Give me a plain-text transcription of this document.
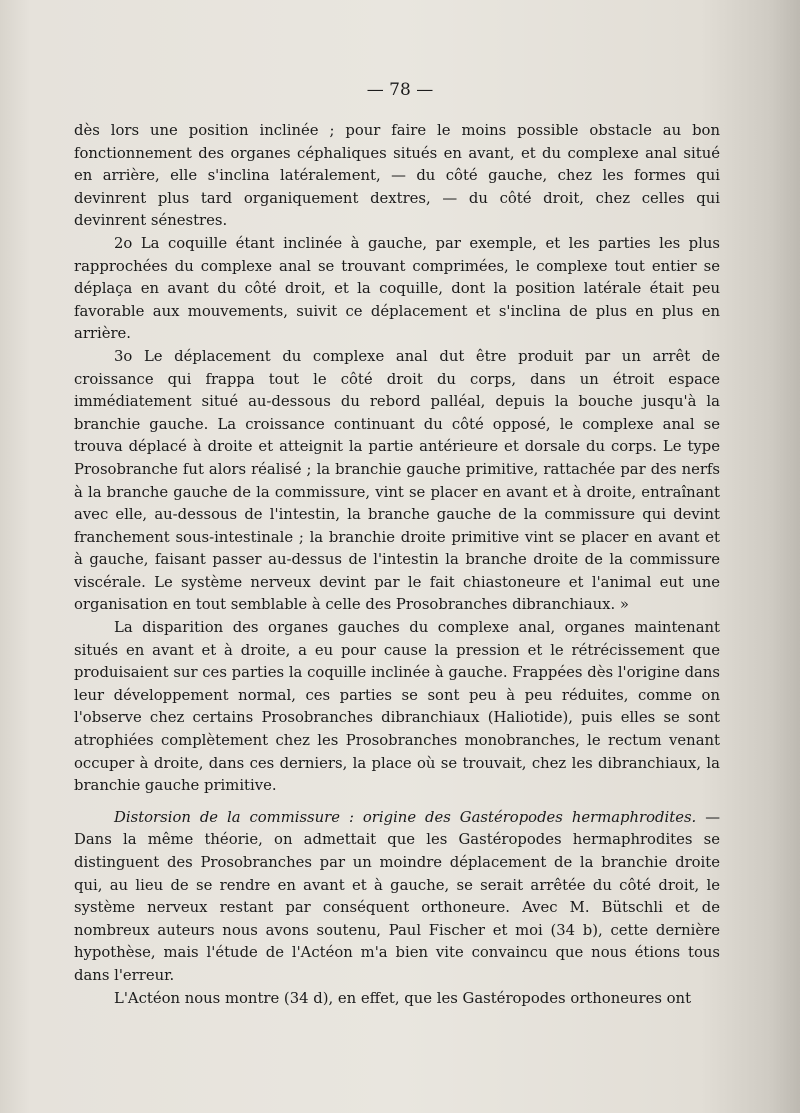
— 78 —

dès lors une position inclinée ; pour faire le moins possible obstacle au bon fonctionnement des organes céphaliques situés en avant, et du complexe anal situé en arrière, elle s'inclina latéralement, — du côté gauche, chez les formes qui devinrent plus tard organiquement dextres, — du côté droit, chez celles qui devinrent sénestres.

2o La coquille étant inclinée à gauche, par exemple, et les parties les plus rapprochées du complexe anal se trouvant comprimées, le complexe tout entier se déplaça en avant du côté droit, et la coquille, dont la position latérale était peu favorable aux mouvements, suivit ce déplacement et s'inclina de plus en plus en arrière.

3o Le déplacement du complexe anal dut être produit par un arrêt de croissance qui frappa tout le côté droit du corps, dans un étroit espace immédiatement situé au-dessous du rebord palléal, depuis la bouche jusqu'à la branchie gauche. La croissance continuant du côté opposé, le complexe anal se trouva déplacé à droite et atteignit la partie antérieure et dorsale du corps. Le type Prosobranche fut alors réalisé ; la branchie gauche primitive, rattachée par des nerfs à la branche gauche de la commissure, vint se placer en avant et à droite, entraînant avec elle, au-dessous de l'intestin, la branche gauche de la commissure qui devint franchement sous-intestinale ; la branchie droite primitive vint se placer en avant et à gauche, faisant passer au-dessus de l'intestin la branche droite de la commissure viscérale. Le système nerveux devint par le fait chiastoneure et l'animal eut une organisation en tout semblable à celle des Prosobranches dibranchiaux. »

La disparition des organes gauches du complexe anal, organes maintenant situés en avant et à droite, a eu pour cause la pression et le rétrécissement que produisaient sur ces parties la coquille inclinée à gauche. Frappées dès l'origine dans leur développement normal, ces parties se sont peu à peu réduites, comme on l'observe chez certains Prosobranches dibranchiaux (Haliotide), puis elles se sont atrophiées complètement chez les Prosobranches monobranches, le rectum venant occuper à droite, dans ces derniers, la place où se trouvait, chez les dibranchiaux, la branchie gauche primitive.

Distorsion de la commissure : origine des Gastéropodes hermaphrodites. — Dans la même théorie, on admettait que les Gastéropodes hermaphrodites se distinguent des Prosobranches par un moindre déplacement de la branchie droite qui, au lieu de se rendre en avant et à gauche, se serait arrêtée du côté droit, le système nerveux restant par conséquent orthoneure. Avec M. Bütschli et de nombreux auteurs nous avons soutenu, Paul Fischer et moi (34 b), cette dernière hypothèse, mais l'étude de l'Actéon m'a bien vite convaincu que nous étions tous dans l'erreur.

L'Actéon nous montre (34 d), en effet, que les Gastéropodes orthoneures ont
